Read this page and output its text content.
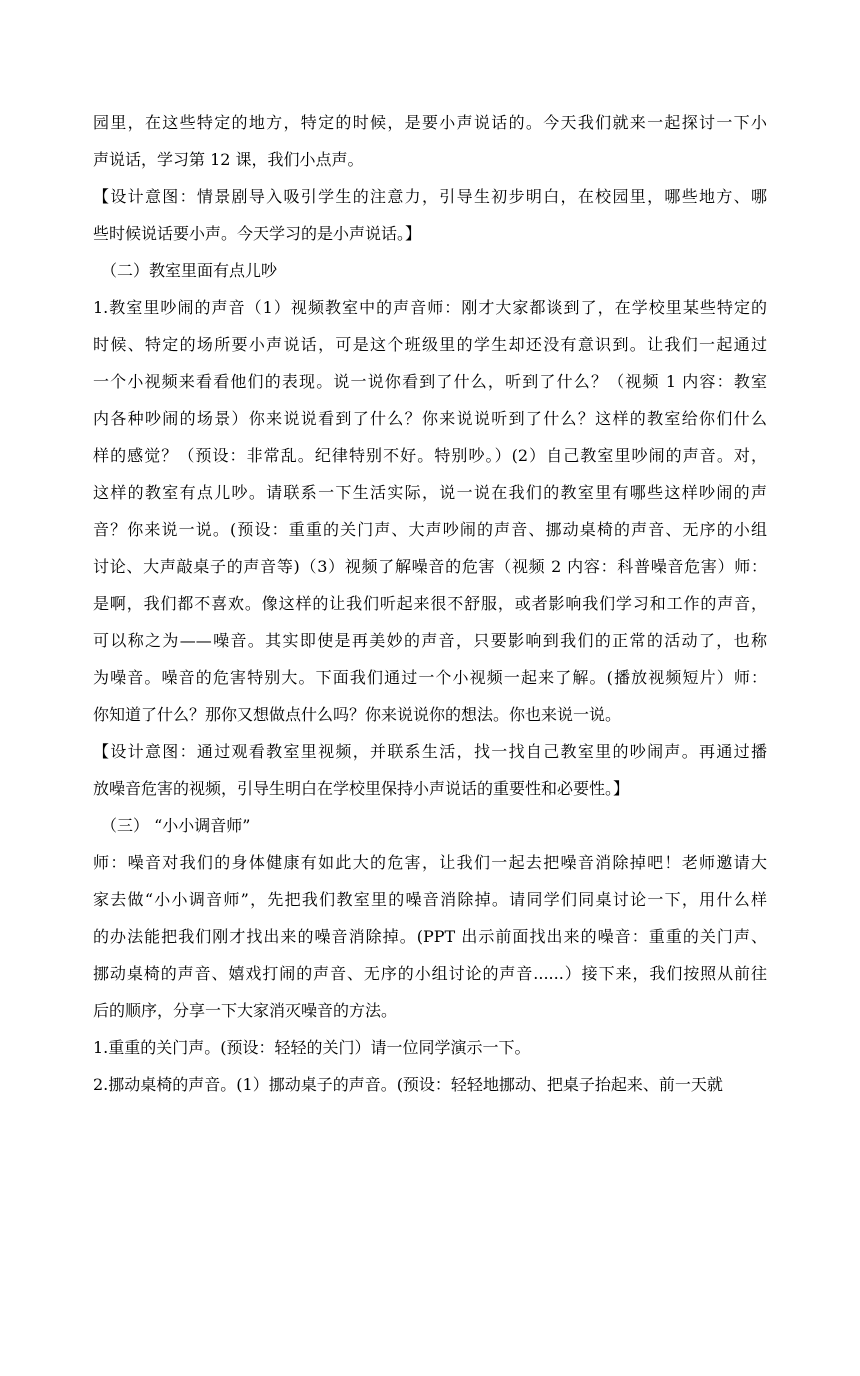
园里，在这些特定的地方，特定的时候，是要小声说话的。今天我们就来一起探讨一下小
声说话，学习第 12 课，我们小点声。
【设计意图：情景剧导入吸引学生的注意力，引导生初步明白，在校园里，哪些地方、哪
些时候说话要小声。今天学习的是小声说话。】
（二）教室里面有点儿吵
1.教室里吵闹的声音（1）视频教室中的声音师：刚才大家都谈到了，在学校里某些特定的
时候、特定的场所要小声说话，可是这个班级里的学生却还没有意识到。让我们一起通过
一个小视频来看看他们的表现。说一说你看到了什么，听到了什么？（视频 1 内容：教室
内各种吵闹的场景）你来说说看到了什么？你来说说听到了什么？这样的教室给你们什么
样的感觉？（预设：非常乱。纪律特别不好。特别吵。）(2）自己教室里吵闹的声音。对，
这样的教室有点儿吵。请联系一下生活实际，说一说在我们的教室里有哪些这样吵闹的声
音？你来说一说。(预设：重重的关门声、大声吵闹的声音、挪动桌椅的声音、无序的小组
讨论、大声敲桌子的声音等)（3）视频了解噪音的危害（视频 2 内容：科普噪音危害）师：
是啊，我们都不喜欢。像这样的让我们听起来很不舒服，或者影响我们学习和工作的声音，
可以称之为——噪音。其实即使是再美妙的声音，只要影响到我们的正常的活动了，也称
为噪音。噪音的危害特别大。下面我们通过一个小视频一起来了解。(播放视频短片）师：
你知道了什么？那你又想做点什么吗？你来说说你的想法。你也来说一说。
【设计意图：通过观看教室里视频，并联系生活，找一找自己教室里的吵闹声。再通过播
放噪音危害的视频，引导生明白在学校里保持小声说话的重要性和必要性。】
（三） “小小调音师”
师：噪音对我们的身体健康有如此大的危害，让我们一起去把噪音消除掉吧！老师邀请大
家去做“小小调音师”，先把我们教室里的噪音消除掉。请同学们同桌讨论一下，用什么样
的办法能把我们刚才找出来的噪音消除掉。(PPT 出示前面找出来的噪音：重重的关门声、
挪动桌椅的声音、嬉戏打闹的声音、无序的小组讨论的声音......）接下来，我们按照从前往
后的顺序，分享一下大家消灭噪音的方法。
1.重重的关门声。(预设：轻轻的关门）请一位同学演示一下。
2.挪动桌椅的声音。(1）挪动桌子的声音。(预设：轻轻地挪动、把桌子抬起来、前一天就
